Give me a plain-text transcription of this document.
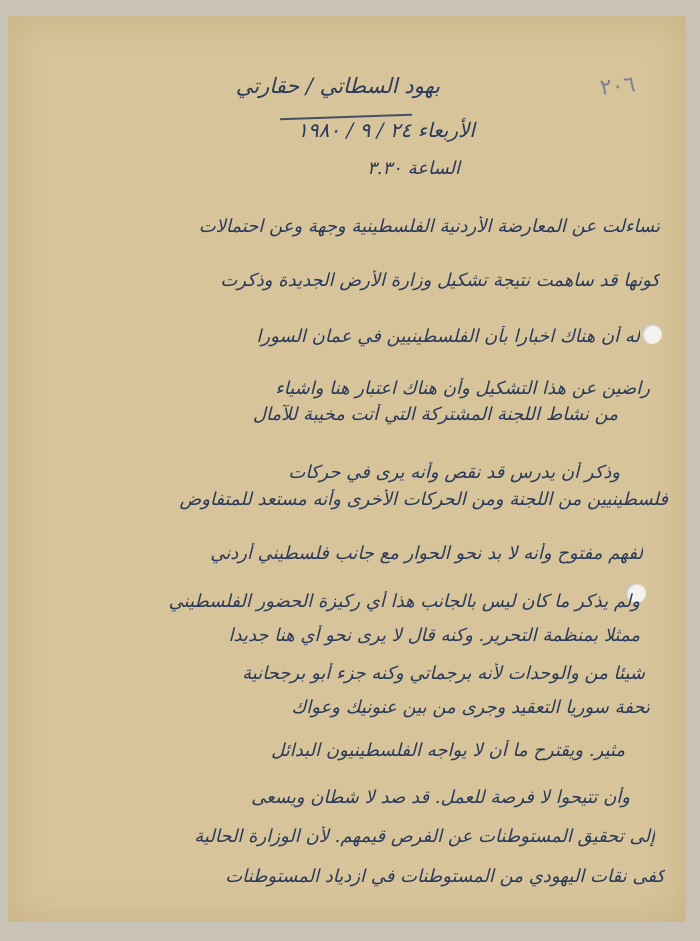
٢٠٦
بهود السطاتي / حقارتي
الأربعاء ٢٤ / ٩ / ١٩٨٠
الساعة ٣.٣٠
تساءلت عن المعارضة الأردنية الفلسطينية وجهة وعن احتمالات
كونها قد ساهمت نتيجة تشكيل وزارة الأرض الجديدة وذكرت
له أن هناك اخبارا بأن الفلسطينيين في عمان السورا
راضين عن هذا التشكيل وأن هناك اعتبار هنا واشياء
من نشاط اللجنة المشتركة التي أتت مخيبة للآمال
وذكر أن يدرس قد نقص وأنه يرى في حركات
فلسطينيين من اللجنة ومن الحركات الأخرى وأنه مستعد للمتفاوض
لفهم مفتوح وأنه لا بد نحو الحوار مع جانب فلسطيني أردني
ولم يذكر ما كان ليس بالجانب هذا أي ركيزة الحضور الفلسطيني
ممثلا بمنظمة التحرير. وكنه قال لا يرى نحو أي هنا جديدا
شيئا من والوحدات لأنه برجماتي وكنه جزء أبو برجحانية
تحفة سوريا التعقيد وجرى من بين عنونيك وعواك
مثير. ويقترح ما أن لا يواجه الفلسطينيون البدائل
وأن تتيحوا لا فرصة للعمل. قد صد لا شطان ويسعى
إلى تحقيق المستوطنات عن الفرص قيمهم. لأن الوزارة الحالية
كفى نقات اليهودي من المستوطنات في ازدياد المستوطنات
